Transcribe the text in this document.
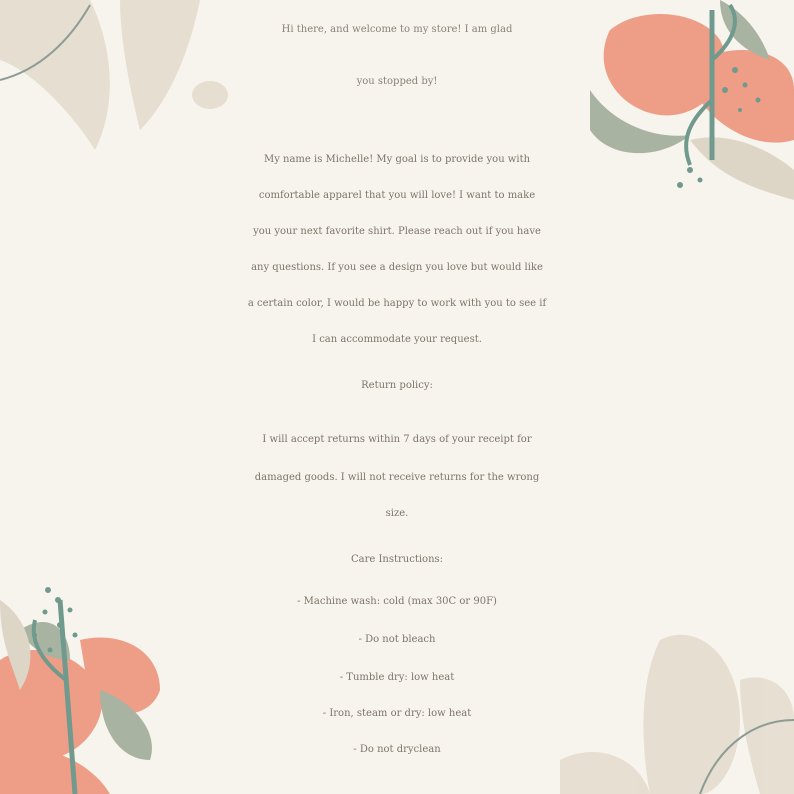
Hi there, and welcome to my store! I am glad
you stopped by!
My name is Michelle! My goal is to provide you with
comfortable apparel that you will love! I want to make
you your next favorite shirt. Please reach out if you have
any questions. If you see a design you love but would like
a certain color, I would be happy to work with you to see if
I can accommodate your request.
Return policy:
I will accept returns within 7 days of your receipt for
damaged goods. I will not receive returns for the wrong
size.
Care Instructions:
- Machine wash: cold (max 30C or 90F)
- Do not bleach
- Tumble dry: low heat
- Iron, steam or dry: low heat
- Do not dryclean
